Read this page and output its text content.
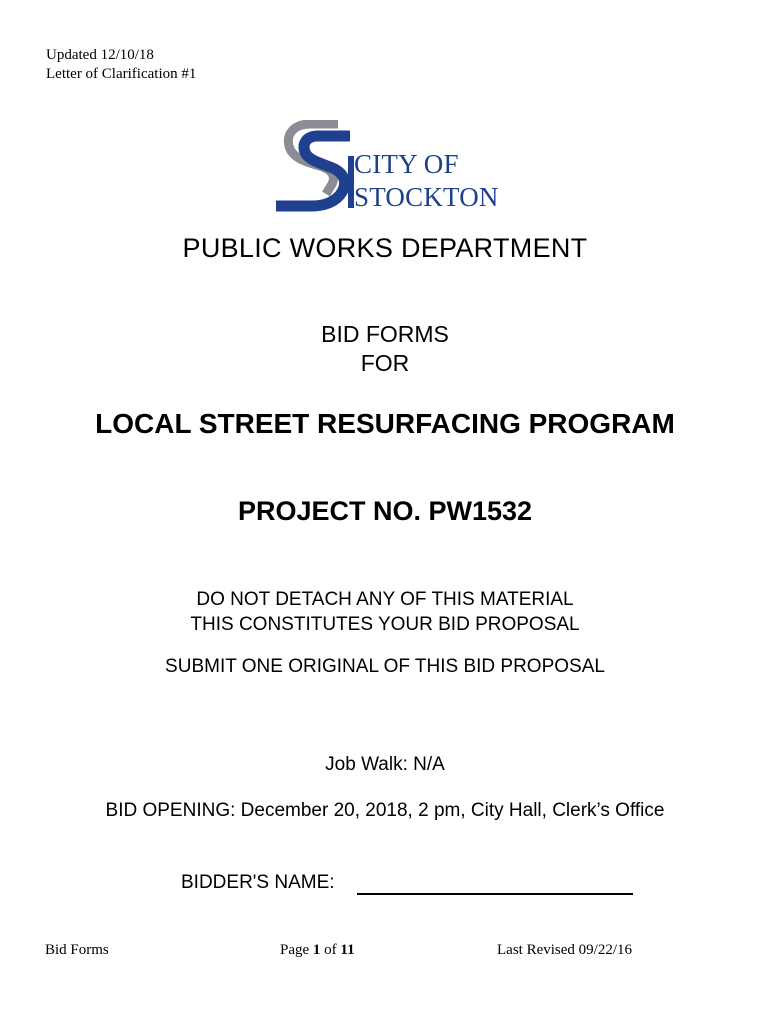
Updated 12/10/18
Letter of Clarification #1
CITY OF
STOCKTON
PUBLIC WORKS DEPARTMENT
BID FORMS
FOR
LOCAL STREET RESURFACING PROGRAM
PROJECT NO. PW1532
DO NOT DETACH ANY OF THIS MATERIAL
THIS CONSTITUTES YOUR BID PROPOSAL
SUBMIT ONE ORIGINAL OF THIS BID PROPOSAL
Job Walk: N/A
BID OPENING: December 20, 2018, 2 pm, City Hall, Clerk’s Office
BIDDER'S NAME:
Bid Forms	Page 1 of 11	Last Revised 09/22/16
